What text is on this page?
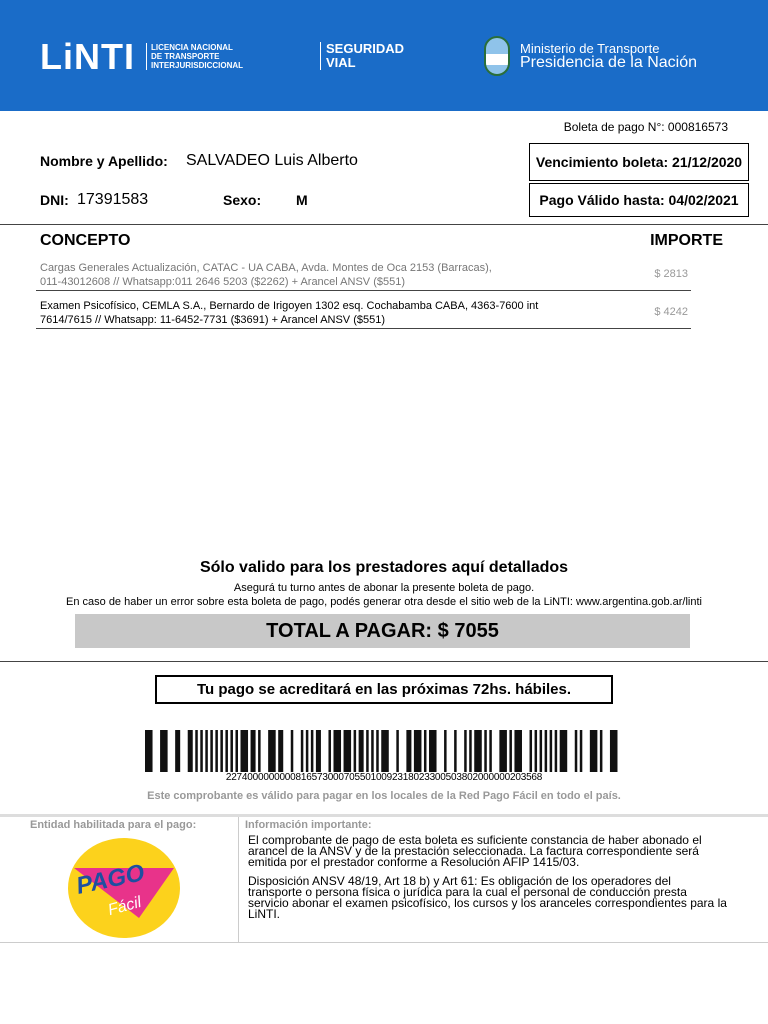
LiNTI LICENCIA NACIONAL
DE TRANSPORTE
INTERJURISDICCIONAL
SEGURIDAD
VIAL
Ministerio de Transporte
Presidencia de la Nación
Boleta de pago N°: 000816573
Nombre y Apellido: SALVADEO Luis Alberto
DNI: 17391583	Sexo: M
Vencimiento boleta: 21/12/2020
Pago Válido hasta: 04/02/2021
CONCEPTO	IMPORTE
Cargas Generales Actualización, CATAC - UA CABA, Avda. Montes de Oca 2153 (Barracas),
011-43012608 // Whatsapp:011 2646 5203 ($2262) + Arancel ANSV ($551)
$ 2813
Examen Psicofísico, CEMLA S.A., Bernardo de Irigoyen 1302 esq. Cochabamba CABA, 4363-7600 int
7614/7615 // Whatsapp: 11-6452-7731 ($3691) + Arancel ANSV ($551)
$ 4242
Sólo valido para los prestadores aquí detallados
Asegurá tu turno antes de abonar la presente boleta de pago.
En caso de haber un error sobre esta boleta de pago, podés generar otra desde el sitio web de la LiNTI: www.argentina.gob.ar/linti
TOTAL A PAGAR: $ 7055
Tu pago se acreditará en las próximas 72hs. hábiles.
22740000000008165730007055010092318023300503802000000203568
Este comprobante es válido para pagar en los locales de la Red Pago Fácil en todo el país.
Entidad habilitada para el pago:
PAGO
Fácil
Información importante:
El comprobante de pago de esta boleta es suficiente constancia de haber abonado el arancel de la ANSV y de la prestación seleccionada. La factura correspondiente será emitida por el prestador conforme a Resolución AFIP 1415/03.
Disposición ANSV 48/19, Art 18 b) y Art 61: Es obligación de los operadores del transporte o persona física o jurídica para la cual el personal de conducción presta servicio abonar el examen psicofísico, los cursos y los aranceles correspondientes para la LiNTI.
